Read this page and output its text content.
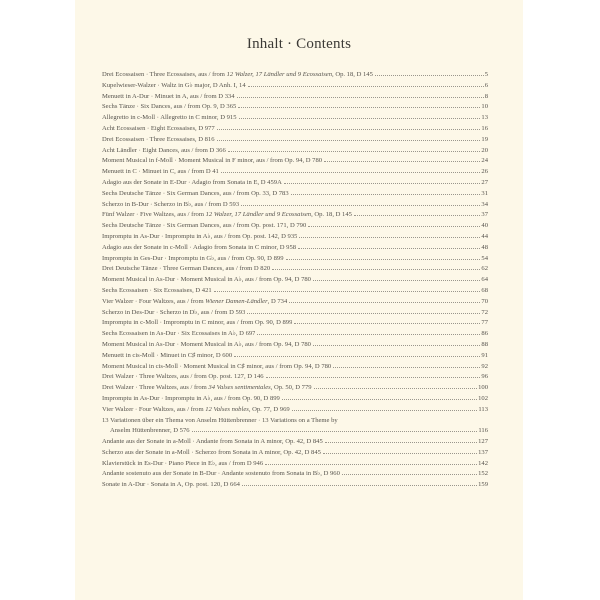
Inhalt · Contents
Drei Ecossaisen · Three Ecossaises, aus / from 12 Walzer, 17 Ländler und 9 Ecossaisen, Op. 18, D 145	5
Kupelwieser-Walzer · Waltz in G♭ major, D Anh. I, 14	6
Menuett in A-Dur · Minuet in A, aus / from D 334	8
Sechs Tänze · Six Dances, aus / from Op. 9, D 365	10
Allegretto in c-Moll · Allegretto in C minor, D 915	13
Acht Ecossaisen · Eight Ecossaises, D 977	16
Drei Ecossaisen · Three Ecossaises, D 816	19
Acht Ländler · Eight Dances, aus / from D 366	20
Moment Musical in f-Moll · Moment Musical in F minor, aus / from Op. 94, D 780	24
Menuett in C · Minuet in C, aus / from D 41	26
Adagio aus der Sonate in E-Dur · Adagio from Sonata in E, D 459A	27
Sechs Deutsche Tänze · Six German Dances, aus / from Op. 33, D 783	31
Scherzo in B-Dur · Scherzo in B♭, aus / from D 593	34
Fünf Walzer · Five Waltzes, aus / from 12 Walzer, 17 Ländler und 9 Ecossaisen, Op. 18, D 145	37
Sechs Deutsche Tänze · Six German Dances, aus / from Op. post. 171, D 790	40
Impromptu in As-Dur · Impromptu in A♭, aus / from Op. post. 142, D 935	44
Adagio aus der Sonate in c-Moll · Adagio from Sonata in C minor, D 958	48
Impromptu in Ges-Dur · Impromptu in G♭, aus / from Op. 90, D 899	54
Drei Deutsche Tänze · Three German Dances, aus / from D 820	62
Moment Musical in As-Dur · Moment Musical in A♭, aus / from Op. 94, D 780	64
Sechs Ecossaisen · Six Ecossaises, D 421	68
Vier Walzer · Four Waltzes, aus / from Wiener Damen-Ländler, D 734	70
Scherzo in Des-Dur · Scherzo in D♭, aus / from D 593	72
Impromptu in c-Moll · Impromptu in C minor, aus / from Op. 90, D 899	77
Sechs Ecossaisen in As-Dur · Six Ecossaises in A♭, D 697	86
Moment Musical in As-Dur · Moment Musical in A♭, aus / from Op. 94, D 780	88
Menuett in cis-Moll · Minuet in C♯ minor, D 600	91
Moment Musical in cis-Moll · Moment Musical in C♯ minor, aus / from Op. 94, D 780	92
Drei Walzer · Three Waltzes, aus / from Op. post. 127, D 146	96
Drei Walzer · Three Waltzes, aus / from 34 Valses sentimentales, Op. 50, D 779	100
Impromptu in As-Dur · Impromptu in A♭, aus / from Op. 90, D 899	102
Vier Walzer · Four Waltzes, aus / from 12 Valses nobles, Op. 77, D 969	113
13 Variationen über ein Thema von Anselm Hüttenbrenner · 13 Variations on a Theme by
Anselm Hüttenbrenner, D 576	116
Andante aus der Sonate in a-Moll · Andante from Sonata in A minor, Op. 42, D 845	127
Scherzo aus der Sonate in a-Moll · Scherzo from Sonata in A minor, Op. 42, D 845	137
Klavierstück in Es-Dur · Piano Piece in E♭, aus / from D 946	142
Andante sostenuto aus der Sonate in B-Dur · Andante sostenuto from Sonata in B♭, D 960	152
Sonate in A-Dur · Sonata in A, Op. post. 120, D 664	159
